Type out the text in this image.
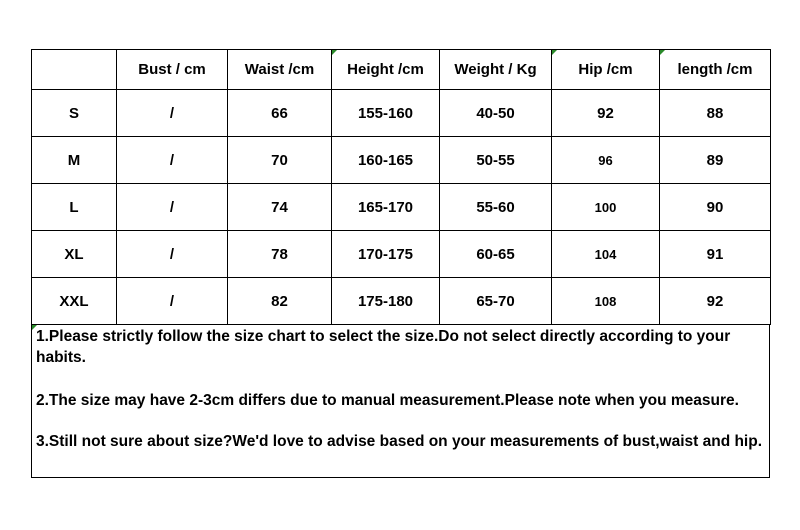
	Bust / cm	Waist /cm	Height /cm	Weight / Kg	Hip /cm	length /cm
S	/	66	155-160	40-50	92	88
M	/	70	160-165	50-55	96	89
L	/	74	165-170	55-60	100	90
XL	/	78	170-175	60-65	104	91
XXL	/	82	175-180	65-70	108	92
1.Please strictly follow the size chart to select the size.Do not select directly according to your habits.
2.The size may have 2-3cm differs due to manual measurement.Please note when you measure.
3.Still not sure about size?We'd love to advise based on your measurements of bust,waist and hip.
